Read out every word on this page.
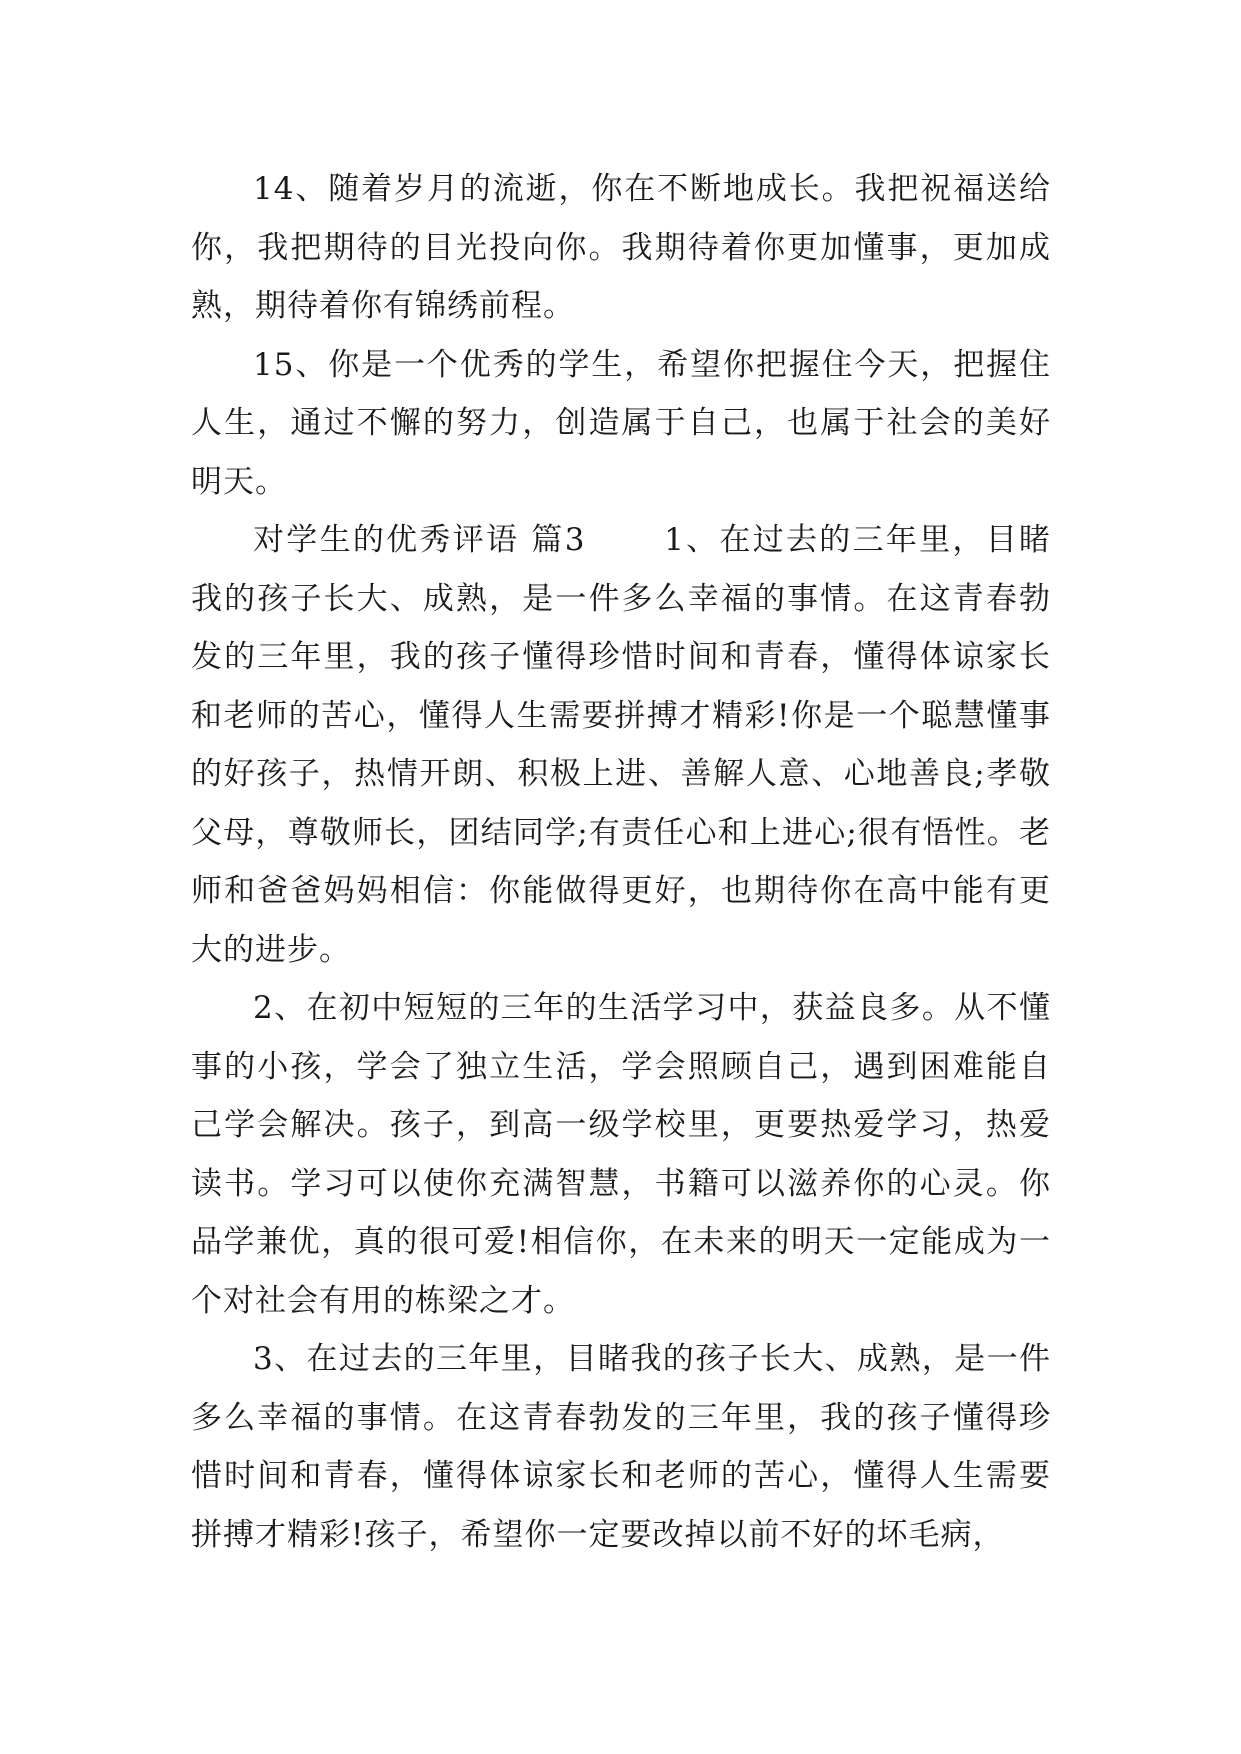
14、随着岁月的流逝，你在不断地成长。我把祝福送给你，我把期待的目光投向你。我期待着你更加懂事，更加成熟，期待着你有锦绣前程。

15、你是一个优秀的学生，希望你把握住今天，把握住人生，通过不懈的努力，创造属于自己，也属于社会的美好明天。

对学生的优秀评语 篇3 　　1、在过去的三年里，目睹我的孩子长大、成熟，是一件多么幸福的事情。在这青春勃发的三年里，我的孩子懂得珍惜时间和青春，懂得体谅家长和老师的苦心，懂得人生需要拼搏才精彩!你是一个聪慧懂事的好孩子，热情开朗、积极上进、善解人意、心地善良;孝敬父母，尊敬师长，团结同学;有责任心和上进心;很有悟性。老师和爸爸妈妈相信：你能做得更好，也期待你在高中能有更大的进步。

2、在初中短短的三年的生活学习中，获益良多。从不懂事的小孩，学会了独立生活，学会照顾自己，遇到困难能自己学会解决。孩子，到高一级学校里，更要热爱学习，热爱读书。学习可以使你充满智慧，书籍可以滋养你的心灵。你品学兼优，真的很可爱!相信你，在未来的明天一定能成为一个对社会有用的栋梁之才。

3、在过去的三年里，目睹我的孩子长大、成熟，是一件多么幸福的事情。在这青春勃发的三年里，我的孩子懂得珍惜时间和青春，懂得体谅家长和老师的苦心，懂得人生需要拼搏才精彩!孩子，希望你一定要改掉以前不好的坏毛病，
